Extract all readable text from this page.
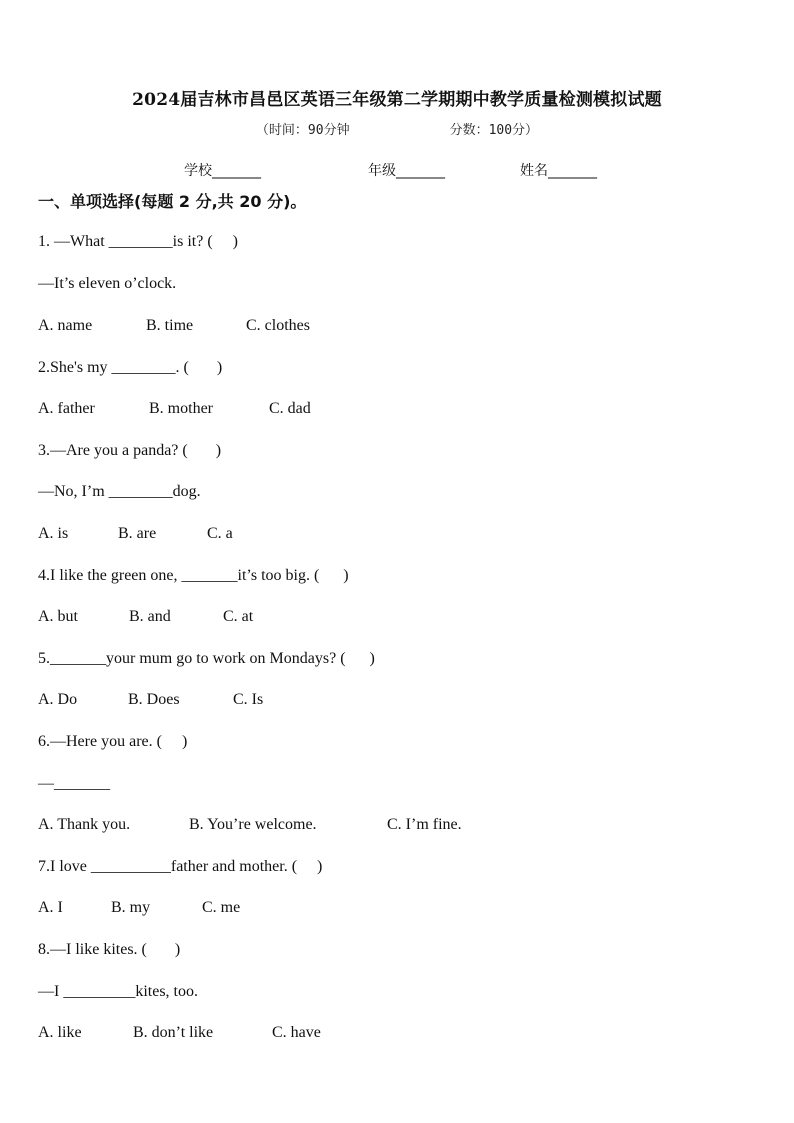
2024届吉林市昌邑区英语三年级第二学期期中教学质量检测模拟试题
（时间：90分钟	分数：100分）
学校_______	年级_______	姓名_______
一、单项选择(每题 2 分,共 20 分)。
1. —What ________is it? (     )
—It’s eleven o’clock.
A. name	B. time	C. clothes
2.She's my ________. (       )
A. father	B. mother	C. dad
3.—Are you a panda? (       )
—No, I’m ________dog.
A. is	B. are	C. a
4.I like the green one, _______it’s too big. (      )
A. but	B. and	C. at
5._______your mum go to work on Mondays? (      )
A. Do	B. Does	C. Is
6.—Here you are. (     )
—_______
A. Thank you.	B. You’re welcome.	C. I’m fine.
7.I love __________father and mother. (     )
A. I	B. my	C. me
8.—I like kites. (       )
—I _________kites, too.
A. like	B. don’t like	C. have
